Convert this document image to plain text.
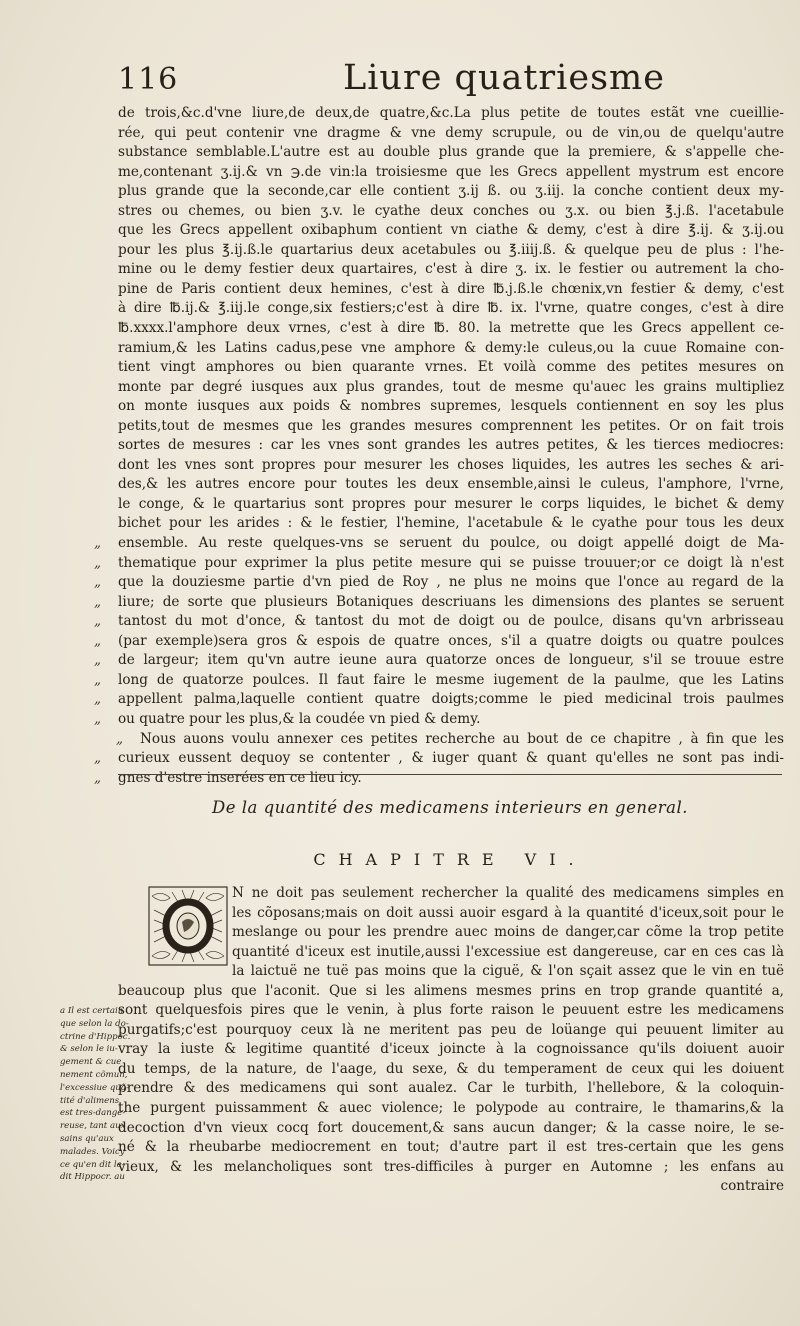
116	Liure quatriesme
de trois,&c.d'vne liure,de deux,de quatre,&c.La plus petite de toutes estãt vne cueillie-
rée, qui peut contenir vne dragme & vne demy scrupule, ou de vin,ou de quelqu'autre
substance semblable.L'autre est au double plus grande que la premiere, & s'appelle che-
me,contenant ʒ.ij.& vn ℈.de vin:la troisiesme que les Grecs appellent mystrum est encore
plus grande que la seconde,car elle contient ʒ.ij ß. ou ʒ.iij. la conche contient deux my-
stres ou chemes, ou bien ʒ.v. le cyathe deux conches ou ʒ.x. ou bien ℥.j.ß. l'acetabule
que les Grecs appellent oxibaphum contient vn ciathe & demy, c'est à dire ℥.ij. & ʒ.ij.ou
pour les plus ℥.ij.ß.le quartarius deux acetabules ou ℥.iiij.ß. & quelque peu de plus : l'he-
mine ou le demy festier deux quartaires, c'est à dire ʒ. ix. le festier ou autrement la cho-
pine de Paris contient deux hemines, c'est à dire ℔.j.ß.le chœnix,vn festier & demy, c'est
à dire ℔.ij.& ℥.iij.le conge,six festiers;c'est à dire ℔. ix. l'vrne, quatre conges, c'est à dire
℔.xxxx.l'amphore deux vrnes, c'est à dire ℔. 80. la metrette que les Grecs appellent ce-
ramium,& les Latins cadus,pese vne amphore & demy:le culeus,ou la cuue Romaine con-
tient vingt amphores ou bien quarante vrnes. Et voilà comme des petites mesures on
monte par degré iusques aux plus grandes, tout de mesme qu'auec les grains multipliez
on monte iusques aux poids & nombres supremes, lesquels contiennent en soy les plus
petits,tout de mesmes que les grandes mesures comprennent les petites. Or on fait trois
sortes de mesures : car les vnes sont grandes les autres petites, & les tierces mediocres:
dont les vnes sont propres pour mesurer les choses liquides, les autres les seches & ari-
des,& les autres encore pour toutes les deux ensemble,ainsi le culeus, l'amphore, l'vrne,
le conge, & le quartarius sont propres pour mesurer le corps liquides, le bichet & demy
bichet pour les arides : & le festier, l'hemine, l'acetabule & le cyathe pour tous les deux
„ ensemble. Au reste quelques-vns se seruent du poulce, ou doigt appellé doigt de Ma-
„ thematique pour exprimer la plus petite mesure qui se puisse trouuer;or ce doigt là n'est
„ que la douziesme partie d'vn pied de Roy , ne plus ne moins que l'once au regard de la
„ liure; de sorte que plusieurs Botaniques descriuans les dimensions des plantes se seruent
„ tantost du mot d'once, & tantost du mot de doigt ou de poulce, disans qu'vn arbrisseau
„ (par exemple)sera gros & espois de quatre onces, s'il a quatre doigts ou quatre poulces
„ de largeur; item qu'vn autre ieune aura quatorze onces de longueur, s'il se trouue estre
„ long de quatorze poulces. Il faut faire le mesme iugement de la paulme, que les Latins
„ appellent palma,laquelle contient quatre doigts;comme le pied medicinal trois paulmes
„ ou quatre pour les plus,& la coudée vn pied & demy.
„ Nous auons voulu annexer ces petites recherche au bout de ce chapitre , à fin que les
„ curieux eussent dequoy se contenter , & iuger quant & quant qu'elles ne sont pas indi-
„ gnes d'estre inserées en ce lieu icy.
De la quantité des medicamens interieurs en general.
CHAPITRE VI.
N ne doit pas seulement rechercher la qualité des medicamens simples en
les cõposans;mais on doit aussi auoir esgard à la quantité d'iceux,soit pour le
meslange ou pour les prendre auec moins de danger,car cõme la trop petite
quantité d'iceux est inutile,aussi l'excessiue est dangereuse, car en ces cas là
la laictuë ne tuë pas moins que la ciguë, & l'on sçait assez que le vin en tuë
beaucoup plus que l'aconit. Que si les alimens mesmes prins en trop grande quantité a,
sont quelquesfois pires que le venin, à plus forte raison le peuuent estre les medicamens
purgatifs;c'est pourquoy ceux là ne meritent pas peu de loüange qui peuuent limiter au
vray la iuste & legitime quantité d'iceux joincte à la cognoissance qu'ils doiuent auoir
du temps, de la nature, de l'aage, du sexe, & du temperament de ceux qui les doiuent
prendre & des medicamens qui sont aualez. Car le turbith, l'hellebore, & la coloquin-
the purgent puissamment & auec violence; le polypode au contraire, le thamarins,& la
decoction d'vn vieux cocq fort doucement,& sans aucun danger; & la casse noire, le se-
né & la rheubarbe mediocrement en tout; d'autre part il est tres-certain que les gens
vieux, & les melancholiques sont tres-difficiles à purger en Automne ; les enfans au
contraire
a Il est certain
que selon la do-
ctrine d'Hippoc.
& selon le iu-
gement & cue
nement cõmun,
l'excessiue quã-
tité d'alimens
est tres-dange-
reuse, tant aux
sains qu'aux
malades. Voicy
ce qu'en dit le-
dit Hippocr. au
